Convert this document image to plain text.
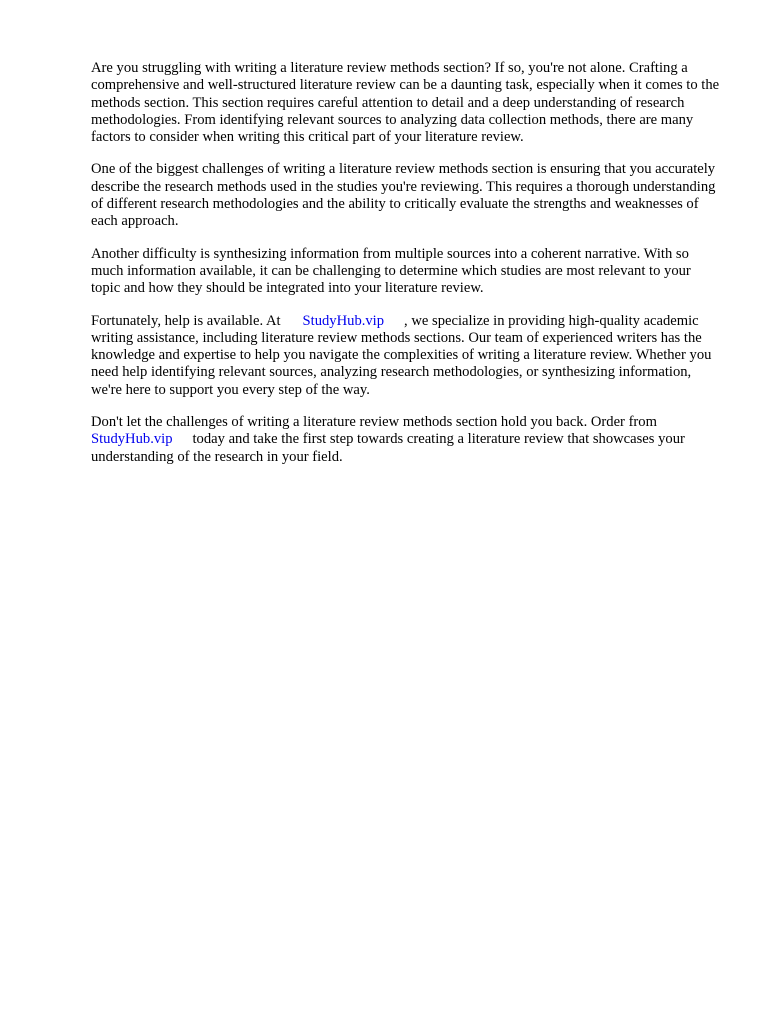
Are you struggling with writing a literature review methods section? If so, you're not alone. Crafting a comprehensive and well-structured literature review can be a daunting task, especially when it comes to the methods section. This section requires careful attention to detail and a deep understanding of research methodologies. From identifying relevant sources to analyzing data collection methods, there are many factors to consider when writing this critical part of your literature review.

One of the biggest challenges of writing a literature review methods section is ensuring that you accurately describe the research methods used in the studies you're reviewing. This requires a thorough understanding of different research methodologies and the ability to critically evaluate the strengths and weaknesses of each approach.

Another difficulty is synthesizing information from multiple sources into a coherent narrative. With so much information available, it can be challenging to determine which studies are most relevant to your topic and how they should be integrated into your literature review.

Fortunately, help is available. At StudyHub.vip , we specialize in providing high-quality academic writing assistance, including literature review methods sections. Our team of experienced writers has the knowledge and expertise to help you navigate the complexities of writing a literature review. Whether you need help identifying relevant sources, analyzing research methodologies, or synthesizing information, we're here to support you every step of the way.

Don't let the challenges of writing a literature review methods section hold you back. Order from StudyHub.vip today and take the first step towards creating a literature review that showcases your understanding of the research in your field.
